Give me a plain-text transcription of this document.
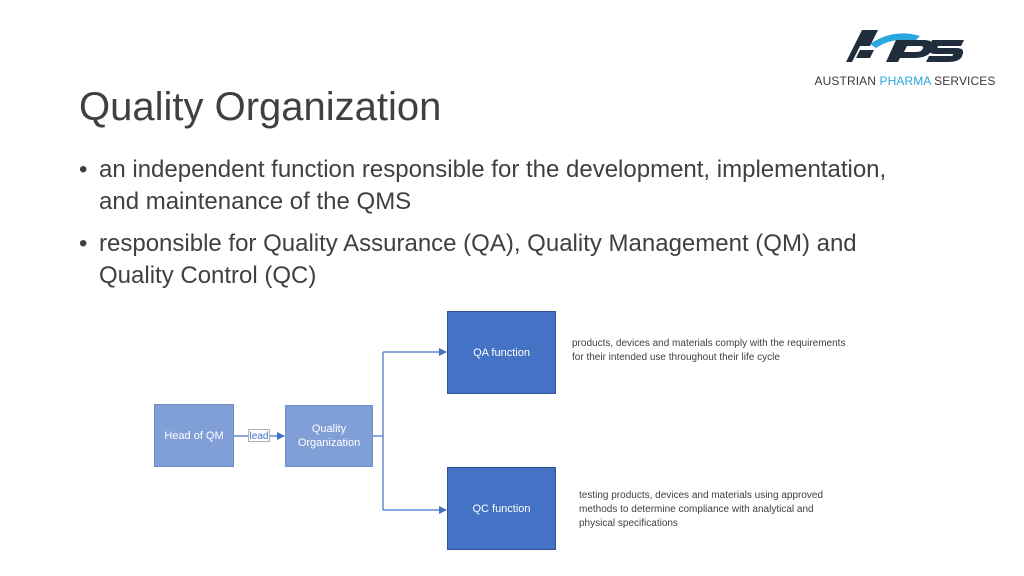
Quality Organization
AUSTRIAN PHARMA SERVICES
• an independent function responsible for the development, implementation, and maintenance of the QMS
• responsible for Quality Assurance (QA), Quality Management (QM) and Quality Control (QC)
Head of QM	lead
Quality
Organization
QA function
QC function
products, devices and materials comply with the requirements
for their intended use throughout their life cycle
testing products, devices and materials using approved
methods to determine compliance with analytical and
physical specifications
